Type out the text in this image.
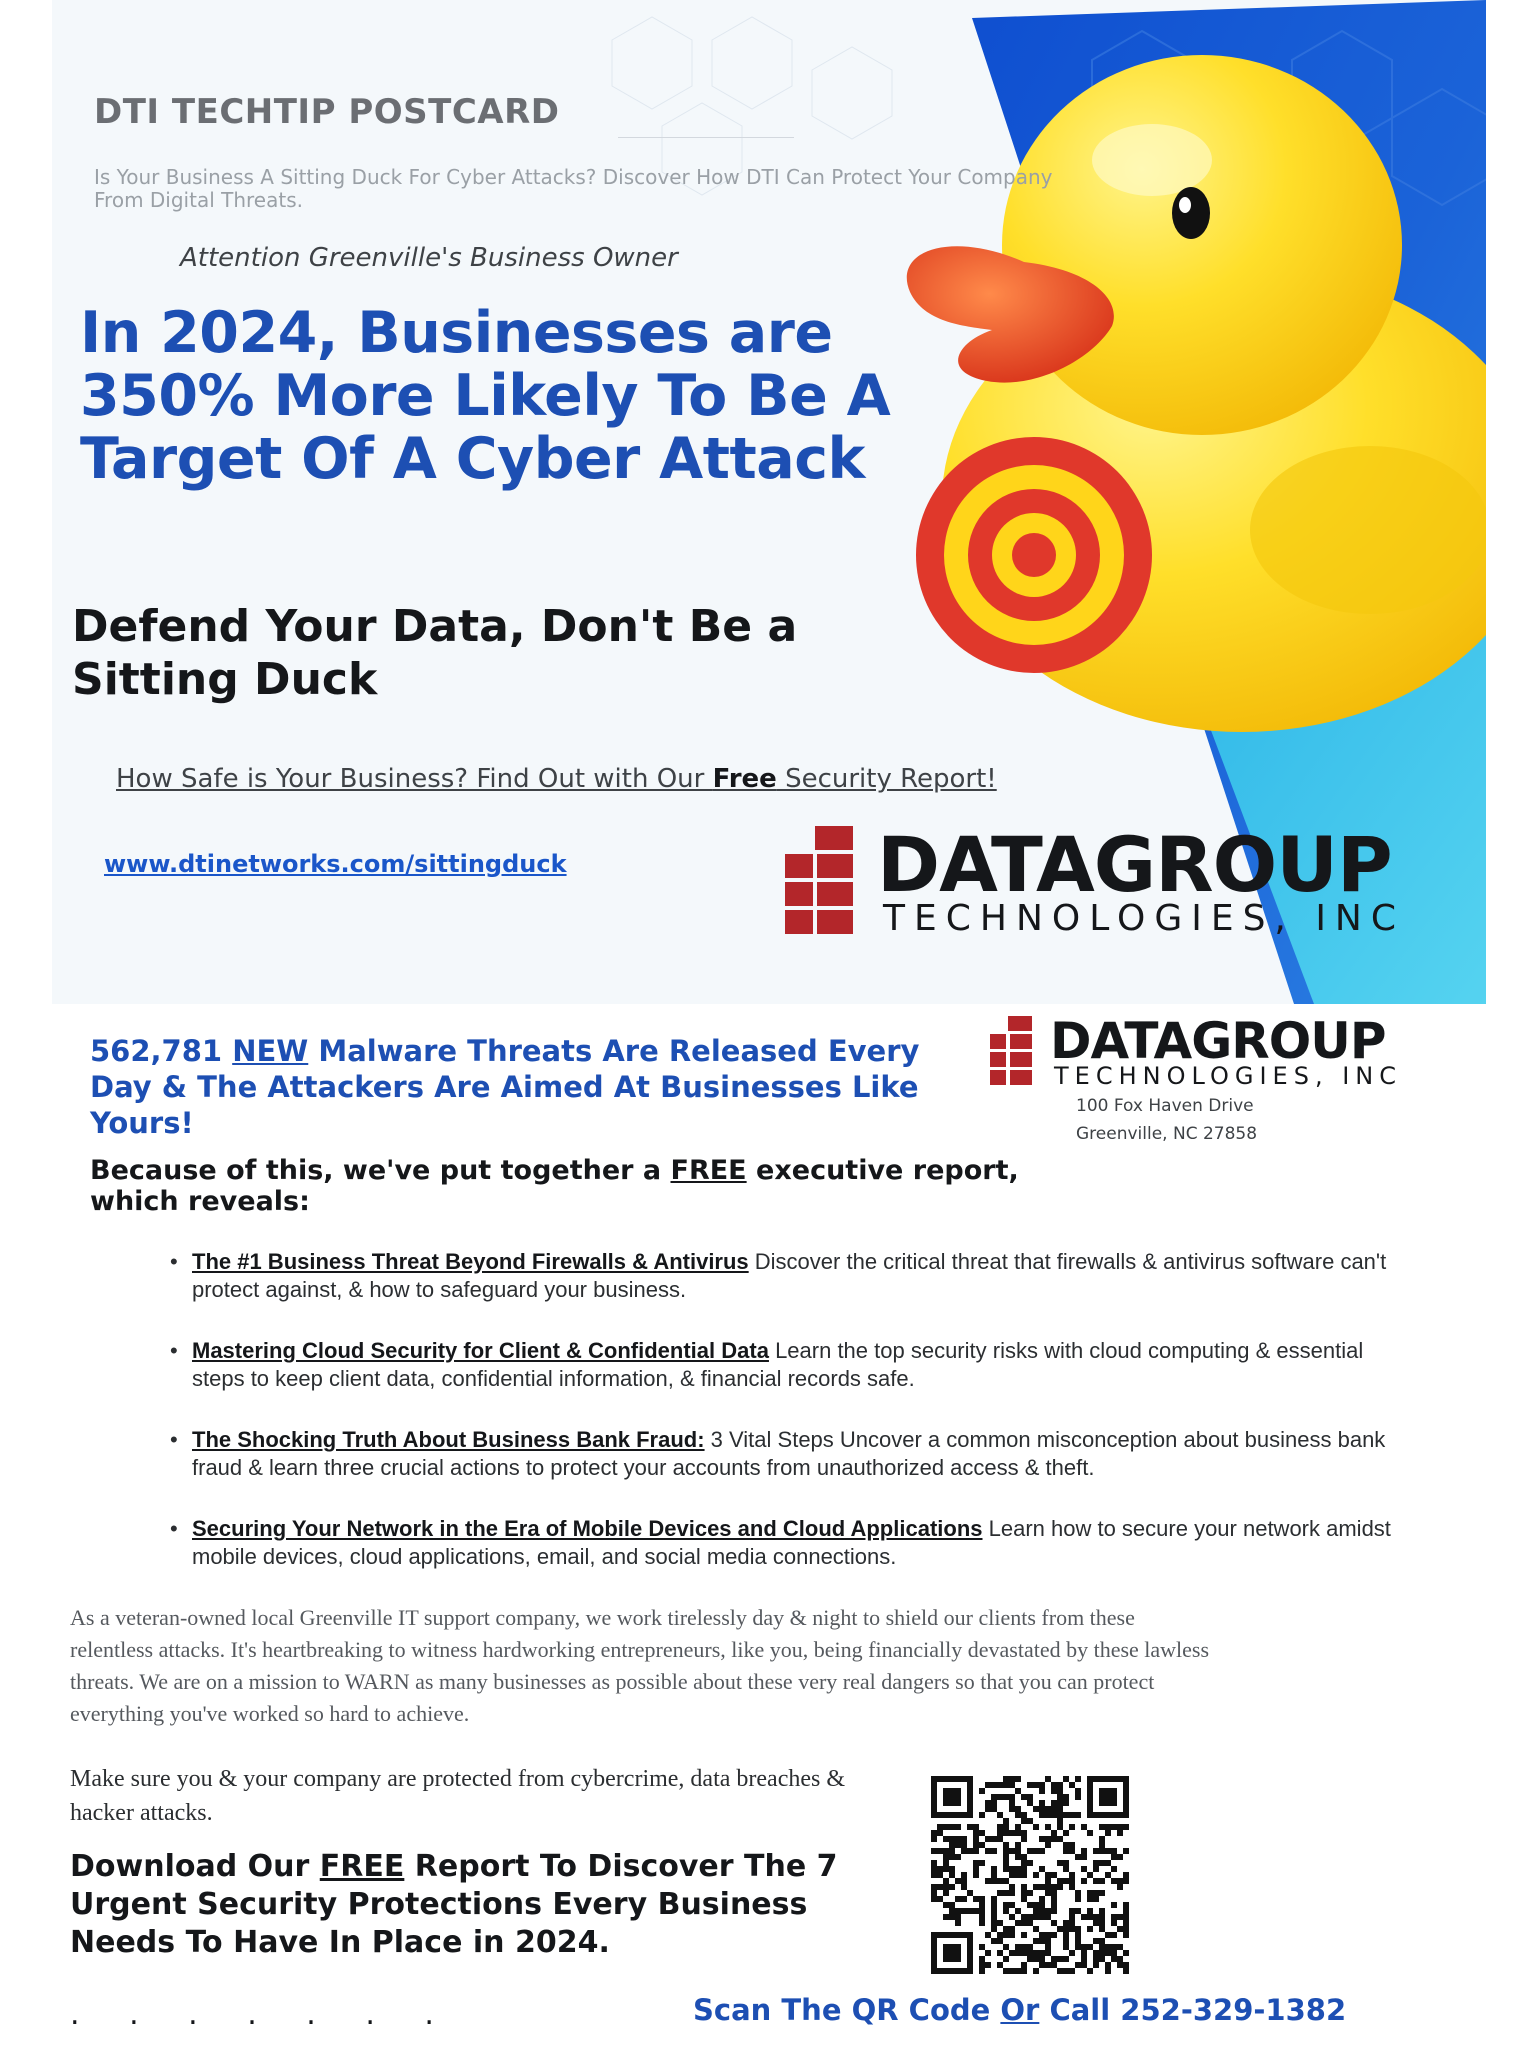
DTI TECHTIP POSTCARD

Is Your Business A Sitting Duck For Cyber Attacks? Discover How DTI Can Protect Your Company From Digital Threats.

Attention Greenville's Business Owner

In 2024, Businesses are 350% More Likely To Be A Target Of A Cyber Attack
Defend Your Data, Don't Be a Sitting Duck

How Safe is Your Business? Find Out with Our Free Security Report!

www.dtinetworks.com/sittingduck	DATAGROUP

TECHNOLOGIES, INC

562,781 NEW Malware Threats Are Released Every Day & The Attackers Are Aimed At Businesses Like Yours!

DATAGROUP

TECHNOLOGIES, INC

100 Fox Haven Drive
Greenville, NC 27858

Because of this, we've put together a FREE executive report, which reveals:

• The #1 Business Threat Beyond Firewalls & Antivirus Discover the critical threat that firewalls & antivirus software can't protect against, & how to safeguard your business.
• Mastering Cloud Security for Client & Confidential Data Learn the top security risks with cloud computing & essential steps to keep client data, confidential information, & financial records safe.
• The Shocking Truth About Business Bank Fraud: 3 Vital Steps Uncover a common misconception about business bank fraud & learn three crucial actions to protect your accounts from unauthorized access & theft.
• Securing Your Network in the Era of Mobile Devices and Cloud Applications Learn how to secure your network amidst mobile devices, cloud applications, email, and social media connections.

As a veteran-owned local Greenville IT support company, we work tirelessly day & night to shield our clients from these relentless attacks. It's heartbreaking to witness hardworking entrepreneurs, like you, being financially devastated by these lawless threats. We are on a mission to WARN as many businesses as possible about these very real dangers so that you can protect everything you've worked so hard to achieve.

Make sure you & your company are protected from cybercrime, data breaches & hacker attacks.

Download Our FREE Report To Discover The 7 Urgent Security Protections Every Business Needs To Have In Place in 2024.

. . . . . . .	Scan The QR Code Or Call 252-329-1382
